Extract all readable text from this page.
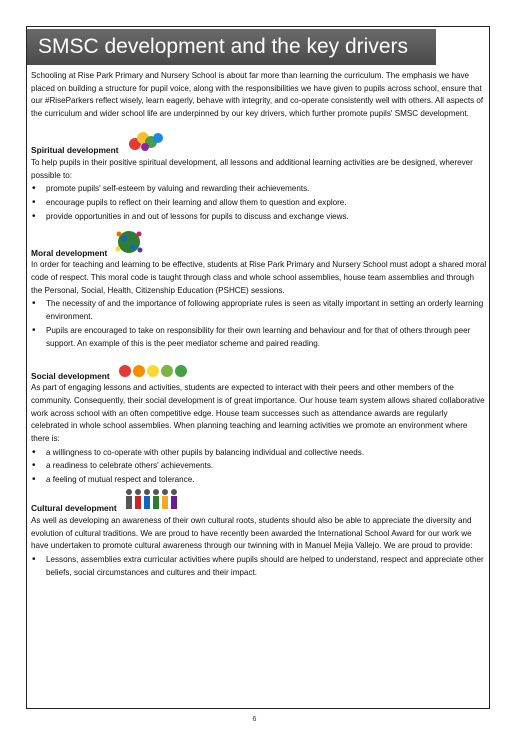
SMSC development and the key drivers

Schooling at Rise Park Primary and Nursery School is about far more than learning the curriculum. The emphasis we have placed on building a structure for pupil voice, along with the responsibilities we have given to pupils across school, ensure that our #RiseParkers reflect wisely, learn eagerly, behave with integrity, and co-operate consistently well with others. All aspects of the curriculum and wider school life are underpinned by our key drivers, which further promote pupils' SMSC development.

Spiritual development

To help pupils in their positive spiritual development, all lessons and additional learning activities are be designed, wherever possible to:

• promote pupils' self-esteem by valuing and rewarding their achievements.
• encourage pupils to reflect on their learning and allow them to question and explore.
• provide opportunities in and out of lessons for pupils to discuss and exchange views.
Moral development

In order for teaching and learning to be effective, students at Rise Park Primary and Nursery School must adopt a shared moral code of respect. This moral code is taught through class and whole school assemblies, house team assemblies and through the Personal, Social, Health, Citizenship Education (PSHCE) sessions.

• The necessity of and the importance of following appropriate rules is seen as vitally important in setting an orderly learning environment.
• Pupils are encouraged to take on responsibility for their own learning and behaviour and for that of others through peer support. An example of this is the peer mediator scheme and paired reading.
Social development

As part of engaging lessons and activities, students are expected to interact with their peers and other members of the community. Consequently, their social development is of great importance. Our house team system allows shared collaborative work across school with an often competitive edge. House team successes such as attendance awards are regularly celebrated in whole school assemblies. When planning teaching and learning activities we promote an environment where there is:

• a willingness to co-operate with other pupils by balancing individual and collective needs.
• a readiness to celebrate others' achievements.
• a feeling of mutual respect and tolerance.
Cultural development

As well as developing an awareness of their own cultural roots, students should also be able to appreciate the diversity and evolution of cultural traditions. We are proud to have recently been awarded the International School Award for our work we have undertaken to promote cultural awareness through our twinning with in Manuel Mejia Vallejo. We are proud to provide:

• Lessons, assemblies extra curricular activities where pupils should are helped to understand, respect and appreciate other beliefs, social circumstances and cultures and their impact.
6
